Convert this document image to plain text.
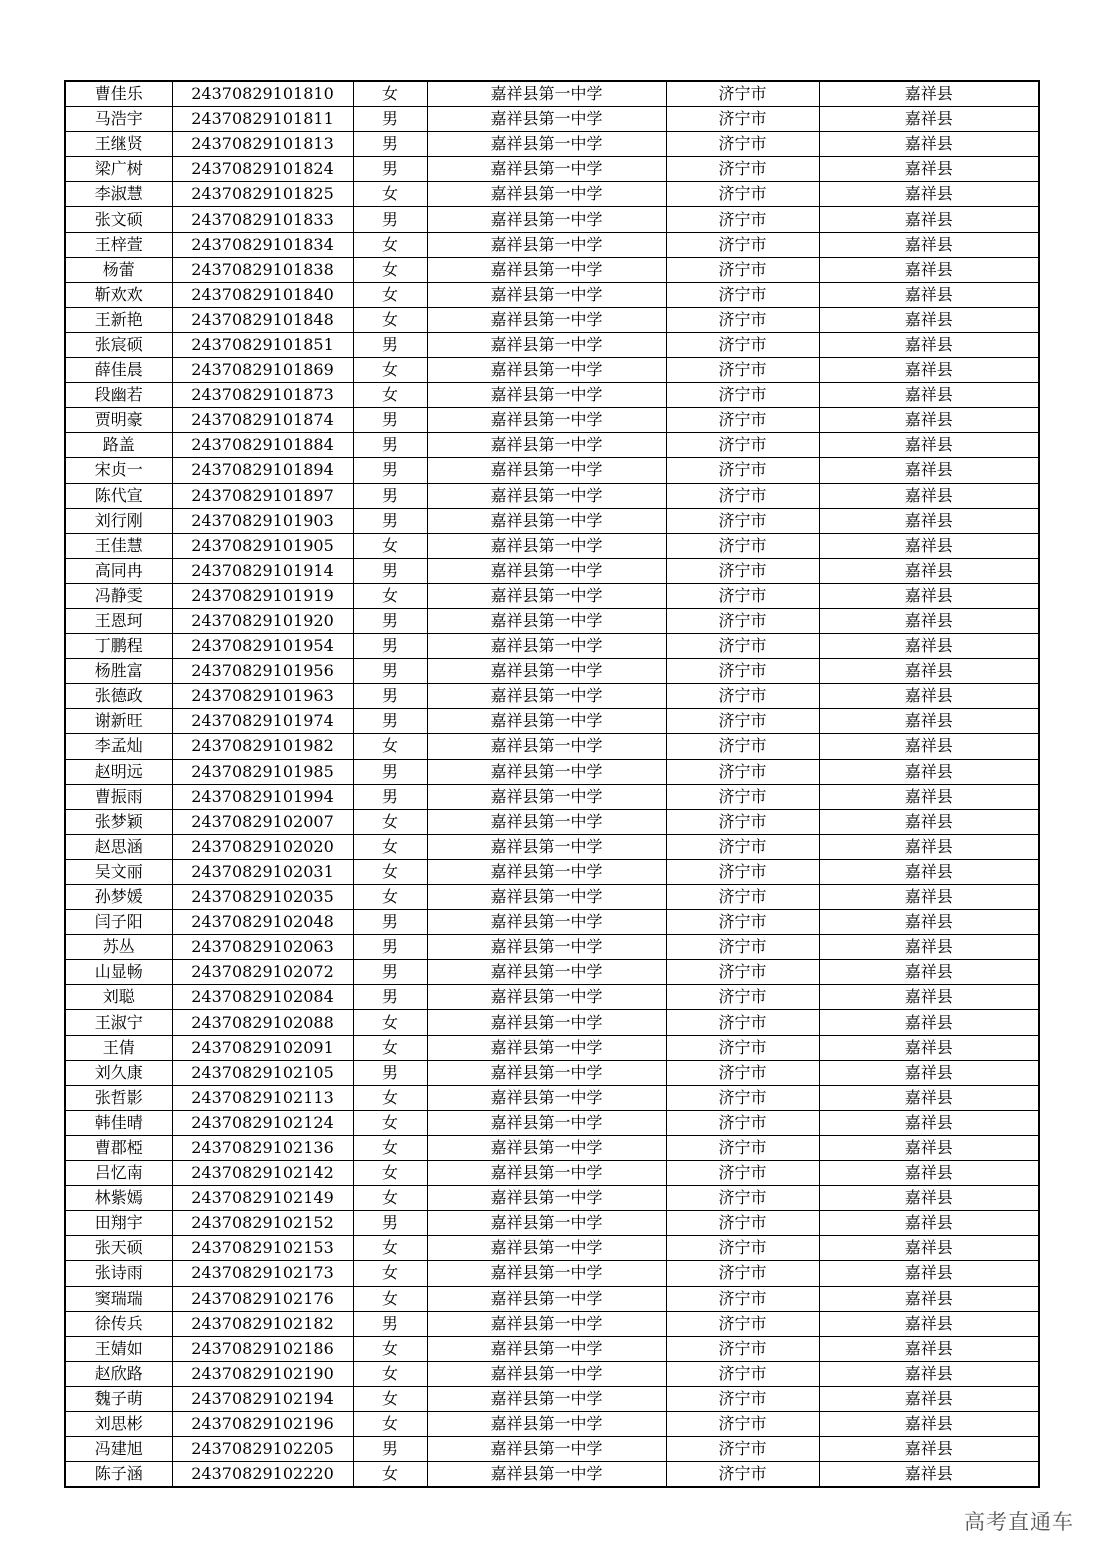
曹佳乐	24370829101810	女	嘉祥县第一中学	济宁市	嘉祥县
马浩宇	24370829101811	男	嘉祥县第一中学	济宁市	嘉祥县
王继贤	24370829101813	男	嘉祥县第一中学	济宁市	嘉祥县
梁广树	24370829101824	男	嘉祥县第一中学	济宁市	嘉祥县
李淑慧	24370829101825	女	嘉祥县第一中学	济宁市	嘉祥县
张文硕	24370829101833	男	嘉祥县第一中学	济宁市	嘉祥县
王梓萱	24370829101834	女	嘉祥县第一中学	济宁市	嘉祥县
杨蕾	24370829101838	女	嘉祥县第一中学	济宁市	嘉祥县
靳欢欢	24370829101840	女	嘉祥县第一中学	济宁市	嘉祥县
王新艳	24370829101848	女	嘉祥县第一中学	济宁市	嘉祥县
张宸硕	24370829101851	男	嘉祥县第一中学	济宁市	嘉祥县
薛佳晨	24370829101869	女	嘉祥县第一中学	济宁市	嘉祥县
段幽若	24370829101873	女	嘉祥县第一中学	济宁市	嘉祥县
贾明豪	24370829101874	男	嘉祥县第一中学	济宁市	嘉祥县
路盖	24370829101884	男	嘉祥县第一中学	济宁市	嘉祥县
宋贞一	24370829101894	男	嘉祥县第一中学	济宁市	嘉祥县
陈代宣	24370829101897	男	嘉祥县第一中学	济宁市	嘉祥县
刘行刚	24370829101903	男	嘉祥县第一中学	济宁市	嘉祥县
王佳慧	24370829101905	女	嘉祥县第一中学	济宁市	嘉祥县
高同冉	24370829101914	男	嘉祥县第一中学	济宁市	嘉祥县
冯静雯	24370829101919	女	嘉祥县第一中学	济宁市	嘉祥县
王恩珂	24370829101920	男	嘉祥县第一中学	济宁市	嘉祥县
丁鹏程	24370829101954	男	嘉祥县第一中学	济宁市	嘉祥县
杨胜富	24370829101956	男	嘉祥县第一中学	济宁市	嘉祥县
张德政	24370829101963	男	嘉祥县第一中学	济宁市	嘉祥县
谢新旺	24370829101974	男	嘉祥县第一中学	济宁市	嘉祥县
李孟灿	24370829101982	女	嘉祥县第一中学	济宁市	嘉祥县
赵明远	24370829101985	男	嘉祥县第一中学	济宁市	嘉祥县
曹振雨	24370829101994	男	嘉祥县第一中学	济宁市	嘉祥县
张梦颖	24370829102007	女	嘉祥县第一中学	济宁市	嘉祥县
赵思涵	24370829102020	女	嘉祥县第一中学	济宁市	嘉祥县
吴文丽	24370829102031	女	嘉祥县第一中学	济宁市	嘉祥县
孙梦媛	24370829102035	女	嘉祥县第一中学	济宁市	嘉祥县
闫子阳	24370829102048	男	嘉祥县第一中学	济宁市	嘉祥县
苏丛	24370829102063	男	嘉祥县第一中学	济宁市	嘉祥县
山显畅	24370829102072	男	嘉祥县第一中学	济宁市	嘉祥县
刘聪	24370829102084	男	嘉祥县第一中学	济宁市	嘉祥县
王淑宁	24370829102088	女	嘉祥县第一中学	济宁市	嘉祥县
王倩	24370829102091	女	嘉祥县第一中学	济宁市	嘉祥县
刘久康	24370829102105	男	嘉祥县第一中学	济宁市	嘉祥县
张哲影	24370829102113	女	嘉祥县第一中学	济宁市	嘉祥县
韩佳晴	24370829102124	女	嘉祥县第一中学	济宁市	嘉祥县
曹郡椏	24370829102136	女	嘉祥县第一中学	济宁市	嘉祥县
吕忆南	24370829102142	女	嘉祥县第一中学	济宁市	嘉祥县
林紫嫣	24370829102149	女	嘉祥县第一中学	济宁市	嘉祥县
田翔宇	24370829102152	男	嘉祥县第一中学	济宁市	嘉祥县
张天硕	24370829102153	女	嘉祥县第一中学	济宁市	嘉祥县
张诗雨	24370829102173	女	嘉祥县第一中学	济宁市	嘉祥县
窦瑞瑞	24370829102176	女	嘉祥县第一中学	济宁市	嘉祥县
徐传兵	24370829102182	男	嘉祥县第一中学	济宁市	嘉祥县
王婧如	24370829102186	女	嘉祥县第一中学	济宁市	嘉祥县
赵欣路	24370829102190	女	嘉祥县第一中学	济宁市	嘉祥县
魏子萌	24370829102194	女	嘉祥县第一中学	济宁市	嘉祥县
刘思彬	24370829102196	女	嘉祥县第一中学	济宁市	嘉祥县
冯建旭	24370829102205	男	嘉祥县第一中学	济宁市	嘉祥县
陈子涵	24370829102220	女	嘉祥县第一中学	济宁市	嘉祥县
高考直通车
